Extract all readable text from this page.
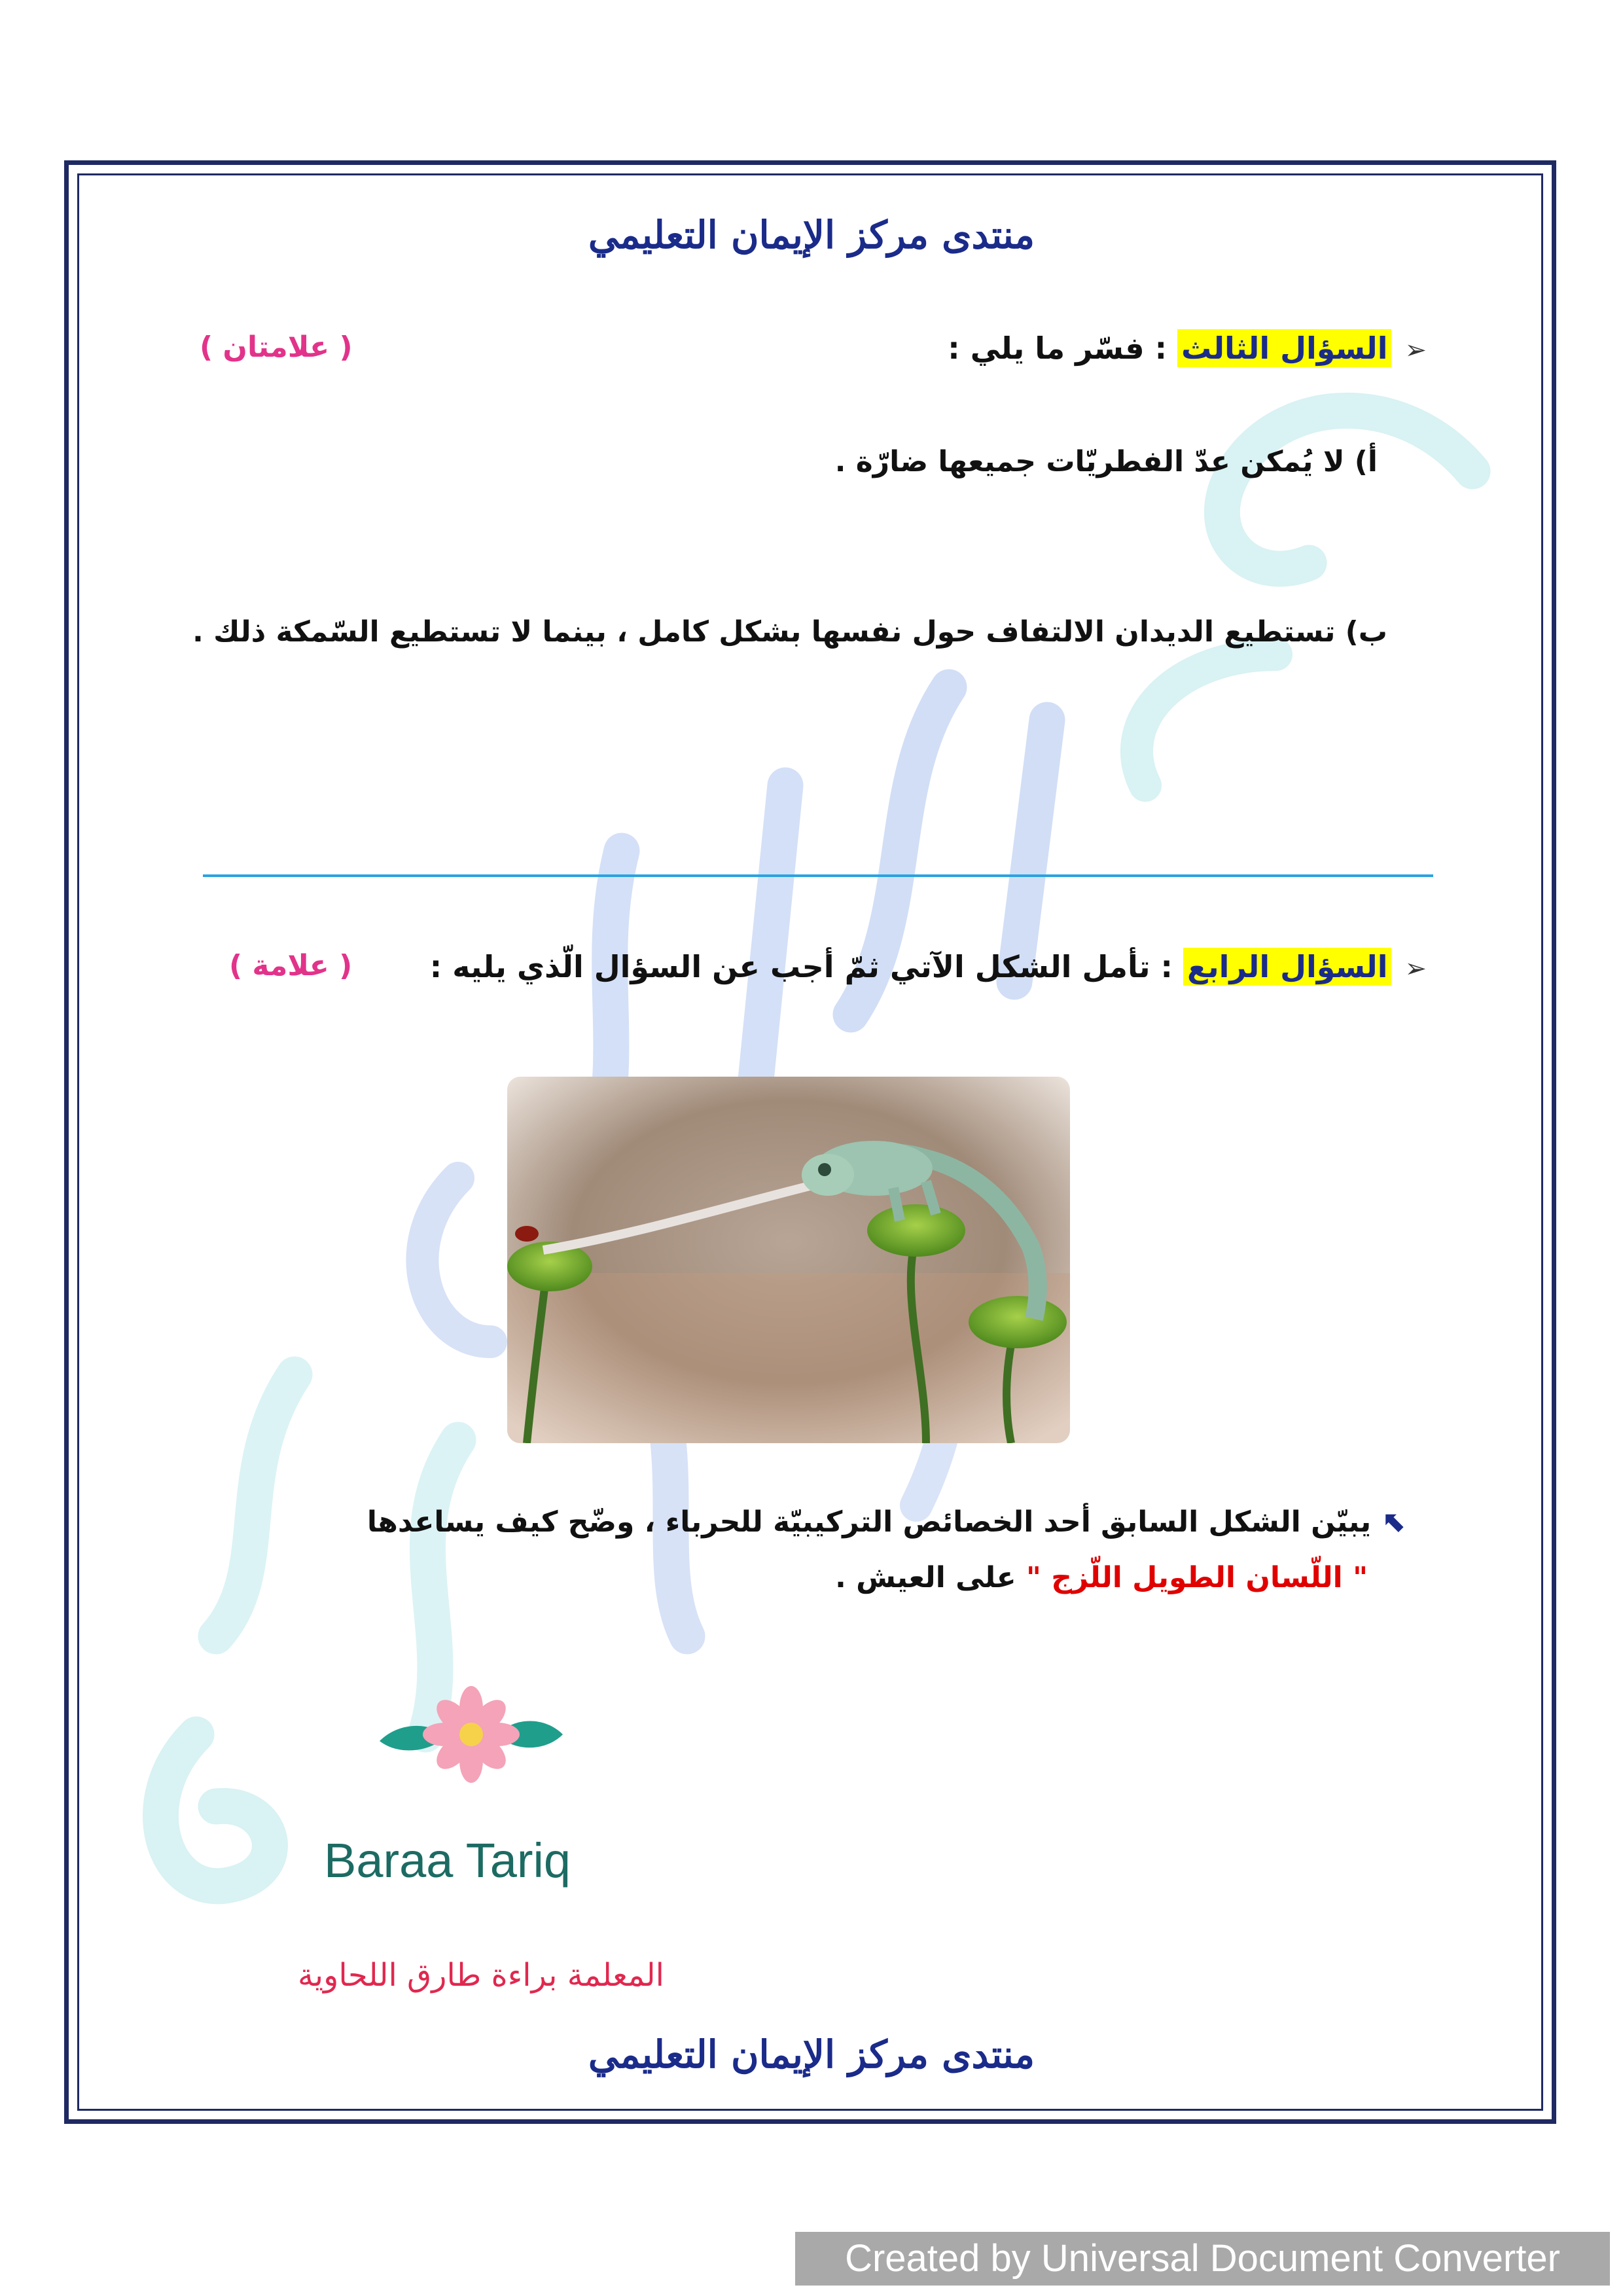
منتدى مركز الإيمان التعليمي
➢السؤال الثالث : فسّر ما يلي :
( علامتان )
أ) لا يُمكن عدّ الفطريّات جميعها ضارّة .
ب) تستطيع الديدان الالتفاف حول نفسها بشكل كامل ، بينما لا تستطيع السّمكة ذلك .
➢السؤال الرابع : تأمل الشكل الآتي ثمّ أجب عن السؤال الّذي يليه :
( علامة )
⬉يبيّن الشكل السابق أحد الخصائص التركيبيّة للحرباء ، وضّح كيف يساعدها
" اللّسان الطويل اللّزج " على العيش .
Baraa Tariq
المعلمة براءة طارق اللحاوية
منتدى مركز الإيمان التعليمي
Created by Universal Document Converter
